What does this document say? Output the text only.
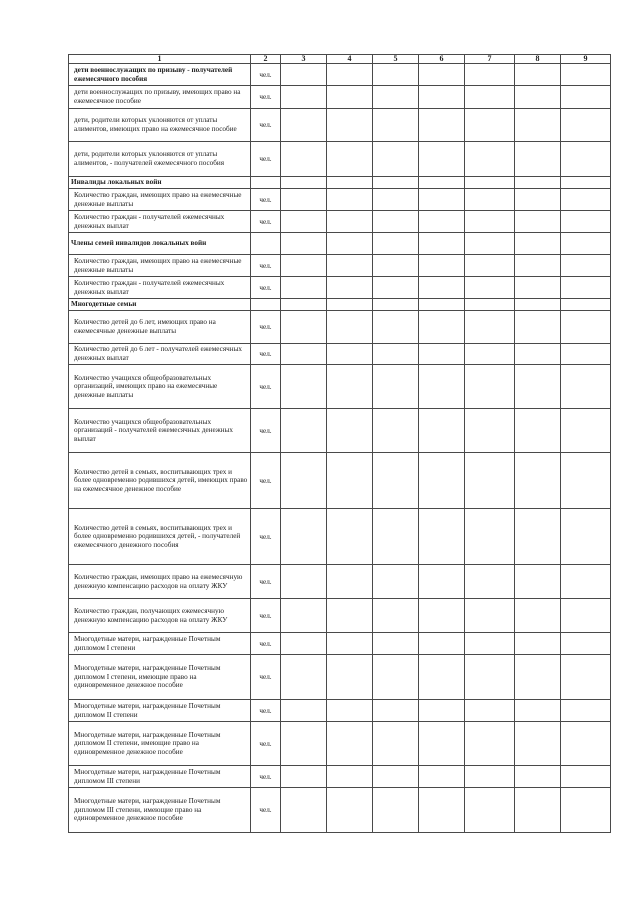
1	2	3	4	5	6	7	8	9
дети военнослужащих по призыву - получателей ежемесячного пособия	чел.							
дети военнослужащих по призыву, имеющих право на ежемесячное пособие	чел.							
дети, родители которых уклоняются от уплаты алиментов, имеющих право на ежемесячное пособие	чел.							
дети, родители которых уклоняются от уплаты алиментов, - получателей ежемесячного пособия	чел.							
Инвалиды локальных войн								
Количество граждан, имеющих право на ежемесячные денежные выплаты	чел.							
Количество граждан - получателей ежемесячных денежных выплат	чел.							
Члены семей инвалидов локальных войн								
Количество граждан, имеющих право на ежемесячные денежные выплаты	чел.							
Количество граждан - получателей ежемесячных денежных выплат	чел.							
Многодетные семьи								
Количество детей до 6 лет, имеющих право на ежемесячные денежные выплаты	чел.							
Количество детей до 6 лет - получателей ежемесячных денежных выплат	чел.							
Количество учащихся общеобразовательных организаций, имеющих право на ежемесячные денежные выплаты	чел.							
Количество учащихся общеобразовательных организаций - получателей ежемесячных денежных выплат	чел.							
Количество детей в семьях, воспитывающих трех и более одновременно родившихся детей, имеющих право на ежемесячное денежное пособие	чел.							
Количество детей в семьях, воспитывающих трех и более одновременно родившихся детей, - получателей ежемесячного денежного пособия	чел.							
Количество граждан, имеющих право на ежемесячную денежную компенсацию расходов на оплату ЖКУ	чел.							
Количество граждан, получающих ежемесячную денежную компенсацию расходов на оплату ЖКУ	чел.							
Многодетные матери, награжденные Почетным дипломом I степени	чел.							
Многодетные матери, награжденные Почетным дипломом I степени, имеющие право на единовременное денежное пособие	чел.							
Многодетные матери, награжденные Почетным дипломом II степени	чел.							
Многодетные матери, награжденные Почетным дипломом II степени, имеющие право на единовременное денежное пособие	чел.							
Многодетные матери, награжденные Почетным дипломом III степени	чел.							
Многодетные матери, награжденные Почетным дипломом III степени, имеющие право на единовременное денежное пособие	чел.							
